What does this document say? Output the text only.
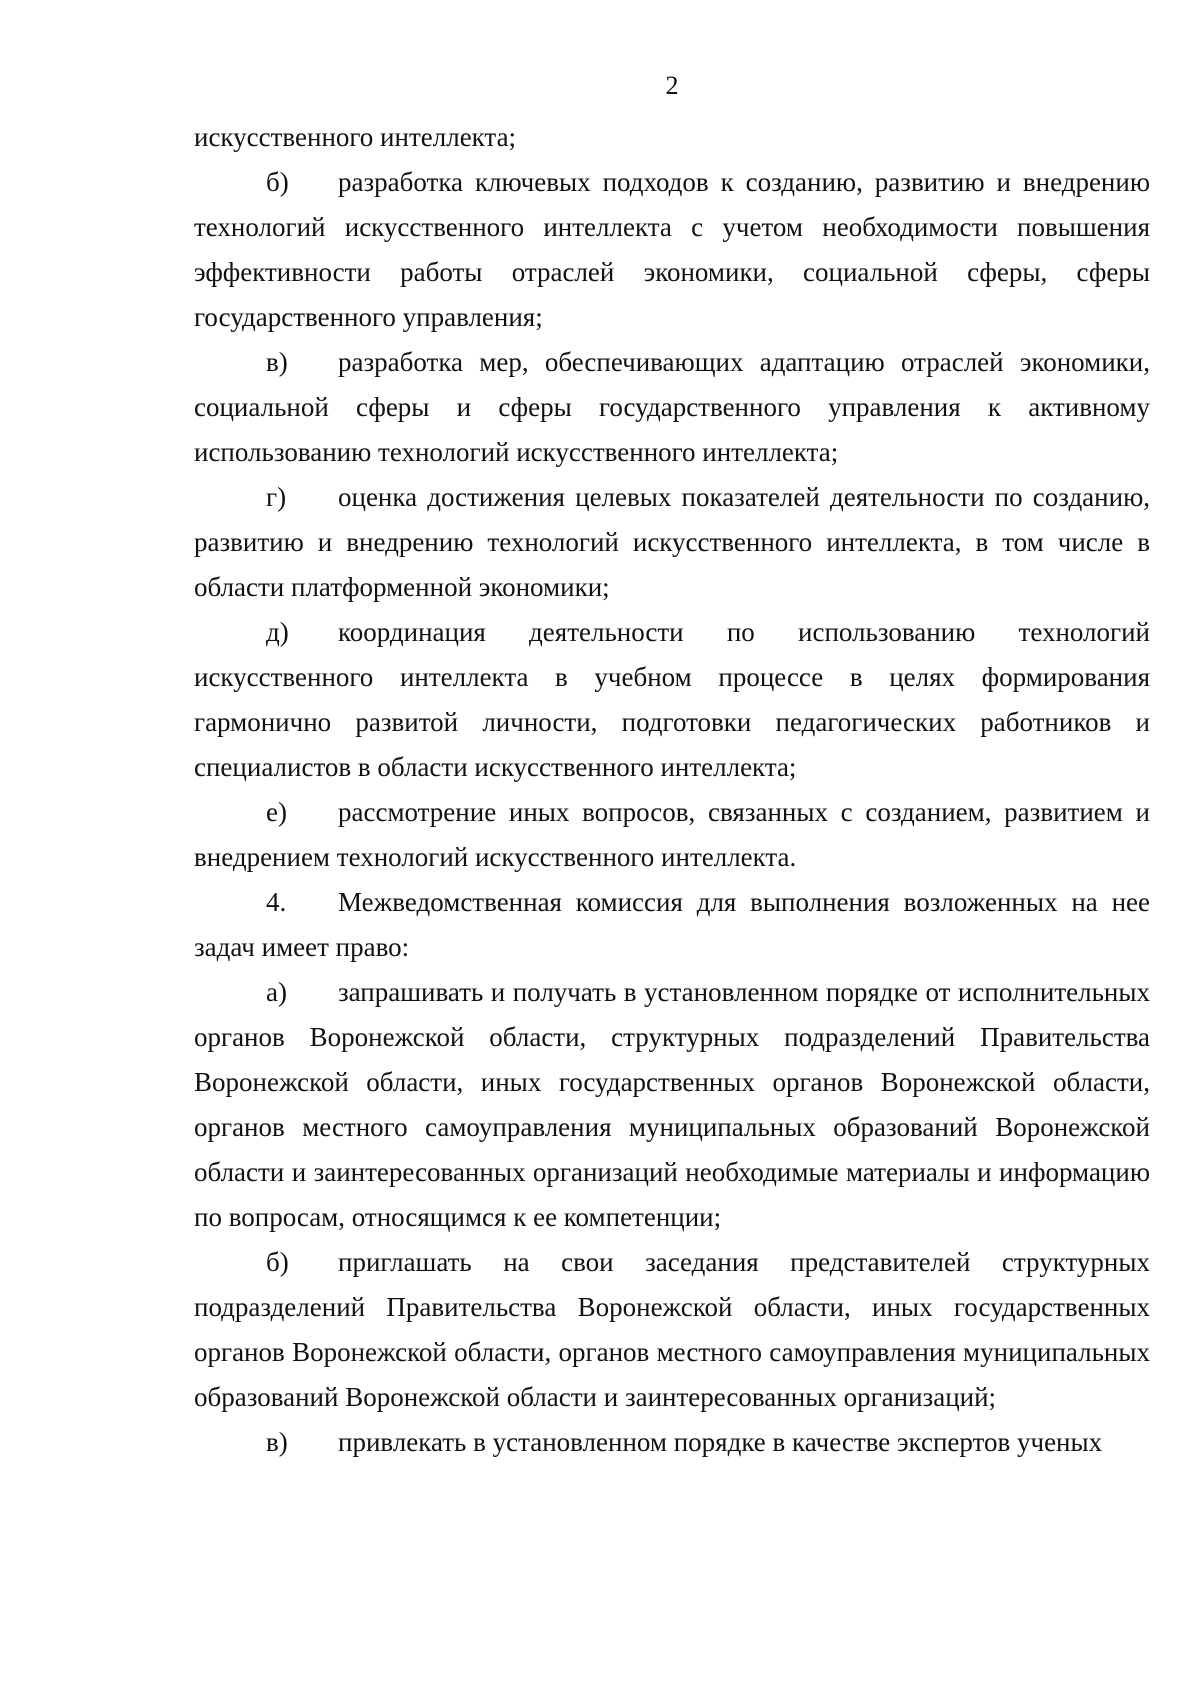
2

искусственного интеллекта;

б) разработка ключевых подходов к созданию, развитию и внедрению технологий искусственного интеллекта с учетом необходимости повышения эффективности работы отраслей экономики, социальной сферы, сферы государственного управления;

в) разработка мер, обеспечивающих адаптацию отраслей экономики, социальной сферы и сферы государственного управления к активному использованию технологий искусственного интеллекта;

г) оценка достижения целевых показателей деятельности по созданию, развитию и внедрению технологий искусственного интеллекта, в том числе в области платформенной экономики;

д) координация деятельности по использованию технологий искусственного интеллекта в учебном процессе в целях формирования гармонично развитой личности, подготовки педагогических работников и специалистов в области искусственного интеллекта;

е) рассмотрение иных вопросов, связанных с созданием, развитием и внедрением технологий искусственного интеллекта.

4. Межведомственная комиссия для выполнения возложенных на нее задач имеет право:

а) запрашивать и получать в установленном порядке от исполнительных органов Воронежской области, структурных подразделений Правительства Воронежской области, иных государственных органов Воронежской области, органов местного самоуправления муниципальных образований Воронежской области и заинтересованных организаций необходимые материалы и информацию по вопросам, относящимся к ее компетенции;

б) приглашать на свои заседания представителей структурных подразделений Правительства Воронежской области, иных государственных органов Воронежской области, органов местного самоуправления муниципальных образований Воронежской области и заинтересованных организаций;

в) привлекать в установленном порядке в качестве экспертов ученых
